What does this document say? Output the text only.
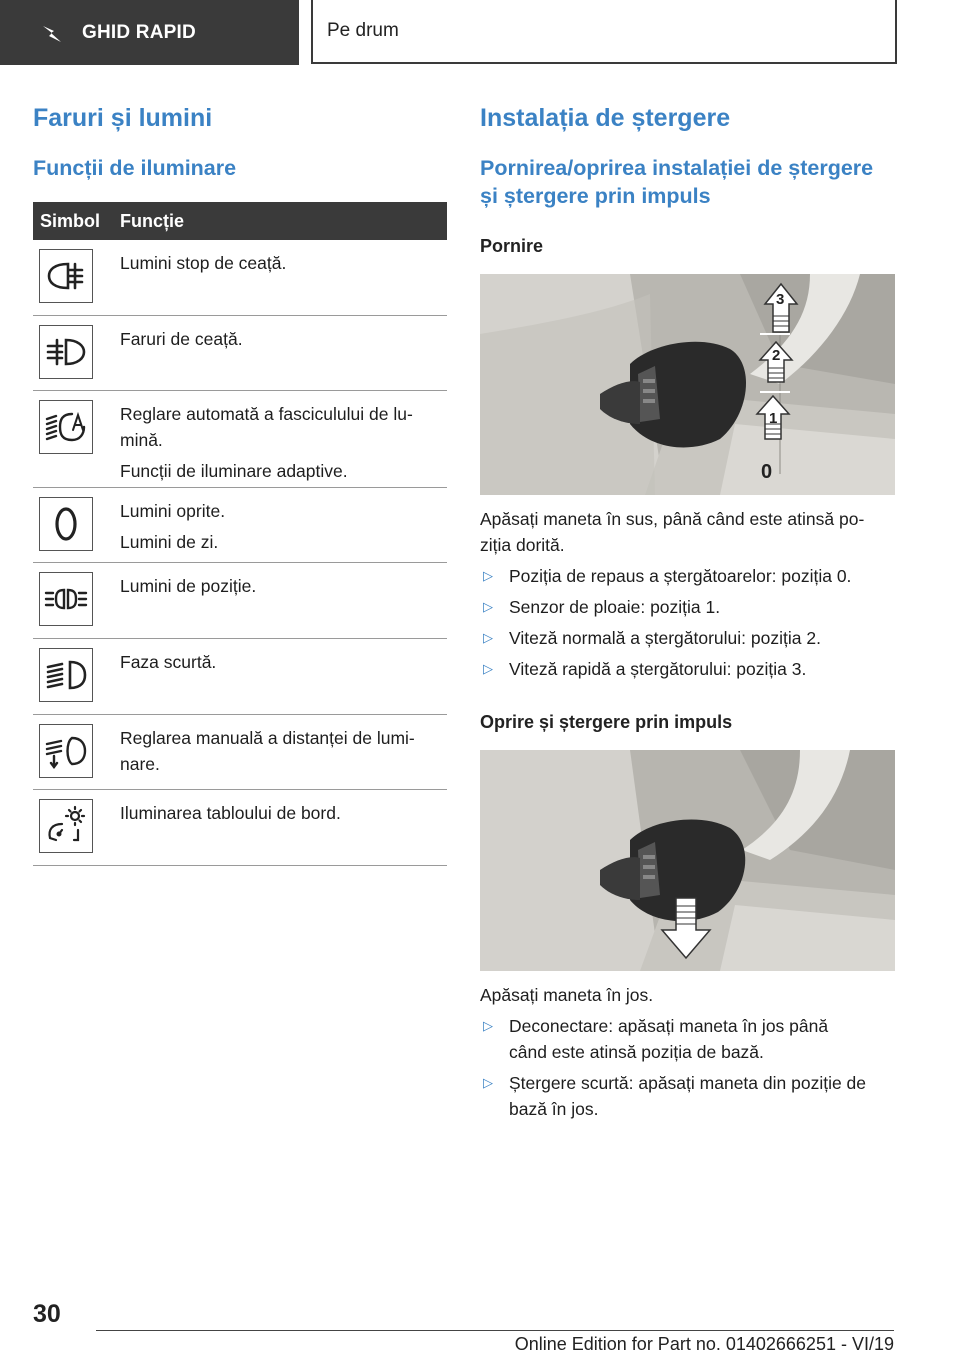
GHID RAPID	Pe drum
Faruri și lumini
Funcții de iluminare
Simbol	Funcție
Lumini stop de ceață.
Faruri de ceață.
Reglare automată a fasciculului de lu-
mină.
Funcții de iluminare adaptive.
Lumini oprite.
Lumini de zi.
Lumini de poziție.
Faza scurtă.
Reglarea manuală a distanței de lumi-
nare.
Iluminarea tabloului de bord.
Instalația de ștergere
Pornirea/oprirea instalației de ștergere și ștergere prin impuls
Pornire
3
2
1
0

Apăsați maneta în sus, până când este atinsă po-
ziția dorită.

▷ Poziția de repaus a ștergătoarelor: poziția 0.
▷ Senzor de ploaie: poziția 1.
▷ Viteză normală a ștergătorului: poziția 2.
▷ Viteză rapidă a ștergătorului: poziția 3.
Oprire și ștergere prin impuls

Apăsați maneta în jos.

▷ Deconectare: apăsați maneta în jos până
când este atinsă poziția de bază.
▷ Ștergere scurtă: apăsați maneta din poziție de
bază în jos.
30
Online Edition for Part no. 01402666251 - VI/19
